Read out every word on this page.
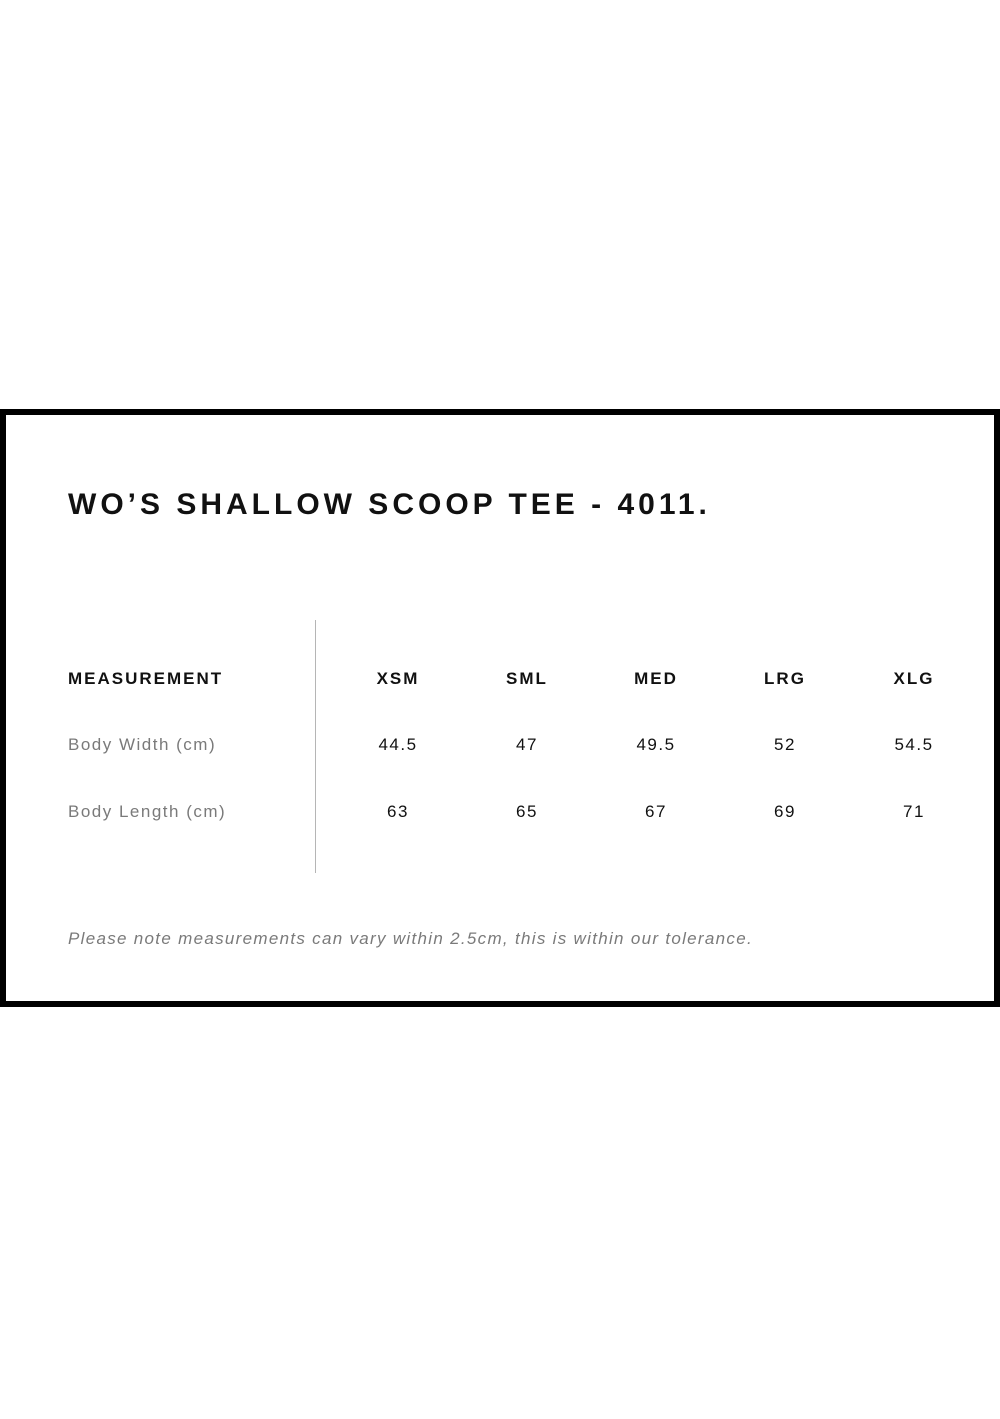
WO’S SHALLOW SCOOP TEE - 4011.
MEASUREMENT	XSM	SML	MED	LRG	XLG
Body Width (cm)	44.5	47	49.5	52	54.5
Body Length (cm)	63	65	67	69	71

Please note measurements can vary within 2.5cm, this is within our tolerance.
